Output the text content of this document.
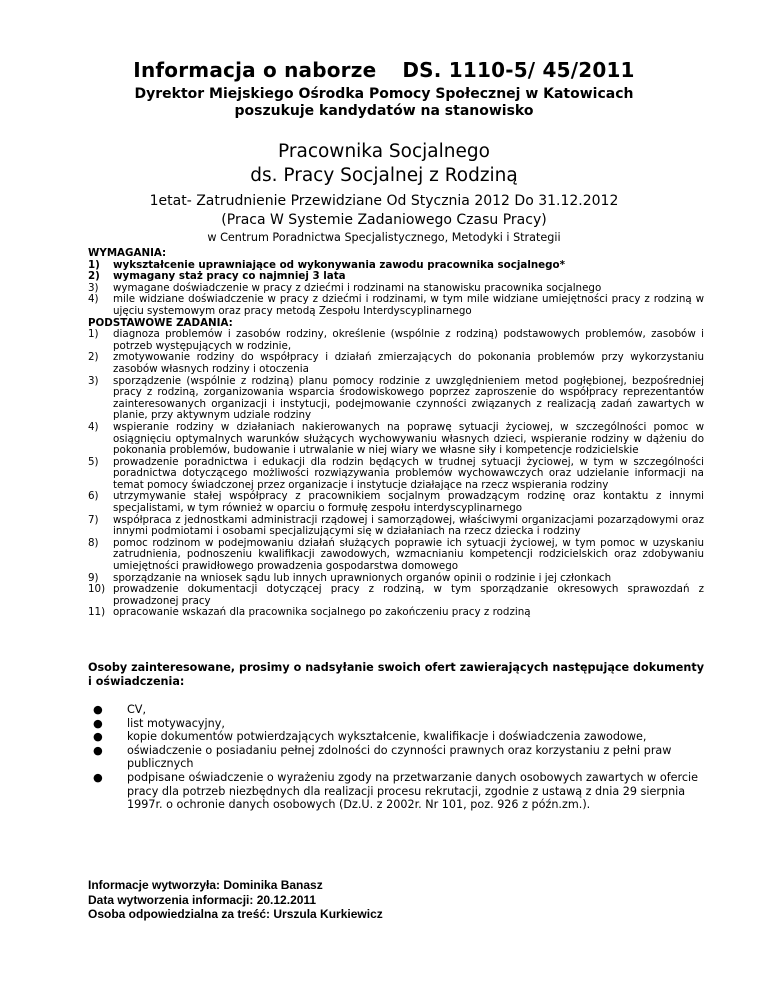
Informacja o naborze DS. 1110-5/ 45/2011
Dyrektor Miejskiego Ośrodka Pomocy Społecznej w Katowicach
poszukuje kandydatów na stanowisko
Pracownika Socjalnego
ds. Pracy Socjalnej z Rodziną
1etat- Zatrudnienie Przewidziane Od Stycznia 2012 Do 31.12.2012
(Praca W Systemie Zadaniowego Czasu Pracy)
w Centrum Poradnictwa Specjalistycznego, Metodyki i Strategii
WYMAGANIA:
1) wykształcenie uprawniające od wykonywania zawodu pracownika socjalnego*
2) wymagany staż pracy co najmniej 3 lata
3) wymagane doświadczenie w pracy z dziećmi i rodzinami na stanowisku pracownika socjalnego
4) mile widziane doświadczenie w pracy z dziećmi i rodzinami, w tym mile widziane umiejętności pracy z rodziną w ujęciu systemowym oraz pracy metodą Zespołu Interdyscyplinarnego
PODSTAWOWE ZADANIA:
1) diagnoza problemów i zasobów rodziny, określenie (wspólnie z rodziną) podstawowych problemów, zasobów i potrzeb występujących w rodzinie,
2) zmotywowanie rodziny do współpracy i działań zmierzających do pokonania problemów przy wykorzystaniu zasobów własnych rodziny i otoczenia
3) sporządzenie (wspólnie z rodziną) planu pomocy rodzinie z uwzględnieniem metod pogłębionej, bezpośredniej pracy z rodziną, zorganizowania wsparcia środowiskowego poprzez zaproszenie do współpracy reprezentantów zainteresowanych organizacji i instytucji, podejmowanie czynności związanych z realizacją zadań zawartych w planie, przy aktywnym udziale rodziny
4) wspieranie rodziny w działaniach nakierowanych na poprawę sytuacji życiowej, w szczególności pomoc w osiągnięciu optymalnych warunków służących wychowywaniu własnych dzieci, wspieranie rodziny w dążeniu do pokonania problemów, budowanie i utrwalanie w niej wiary we własne siły i kompetencje rodzicielskie
5) prowadzenie poradnictwa i edukacji dla rodzin będących w trudnej sytuacji życiowej, w tym w szczególności poradnictwa dotyczącego możliwości rozwiązywania problemów wychowawczych oraz udzielanie informacji na temat pomocy świadczonej przez organizacje i instytucje działające na rzecz wspierania rodziny
6) utrzymywanie stałej współpracy z pracownikiem socjalnym prowadzącym rodzinę oraz kontaktu z innymi specjalistami, w tym również w oparciu o formułę zespołu interdyscyplinarnego
7) współpraca z jednostkami administracji rządowej i samorządowej, właściwymi organizacjami pozarządowymi oraz innymi podmiotami i osobami specjalizującymi się w działaniach na rzecz dziecka i rodziny
8) pomoc rodzinom w podejmowaniu działań służących poprawie ich sytuacji życiowej, w tym pomoc w uzyskaniu zatrudnienia, podnoszeniu kwalifikacji zawodowych, wzmacnianiu kompetencji rodzicielskich oraz zdobywaniu umiejętności prawidłowego prowadzenia gospodarstwa domowego
9) sporządzanie na wniosek sądu lub innych uprawnionych organów opinii o rodzinie i jej członkach
10) prowadzenie dokumentacji dotyczącej pracy z rodziną, w tym sporządzanie okresowych sprawozdań z prowadzonej pracy
11) opracowanie wskazań dla pracownika socjalnego po zakończeniu pracy z rodziną
Osoby zainteresowane, prosimy o nadsyłanie swoich ofert zawierających następujące dokumenty i oświadczenia:
● CV,
● list motywacyjny,
● kopie dokumentów potwierdzających wykształcenie, kwalifikacje i doświadczenia zawodowe,
● oświadczenie o posiadaniu pełnej zdolności do czynności prawnych oraz korzystaniu z pełni praw publicznych
● podpisane oświadczenie o wyrażeniu zgody na przetwarzanie danych osobowych zawartych w ofercie pracy dla potrzeb niezbędnych dla realizacji procesu rekrutacji, zgodnie z ustawą z dnia 29 sierpnia 1997r. o ochronie danych osobowych (Dz.U. z 2002r. Nr 101, poz. 926 z późn.zm.).
Informacje wytworzyła: Dominika Banasz
Data wytworzenia informacji: 20.12.2011
Osoba odpowiedzialna za treść: Urszula Kurkiewicz
